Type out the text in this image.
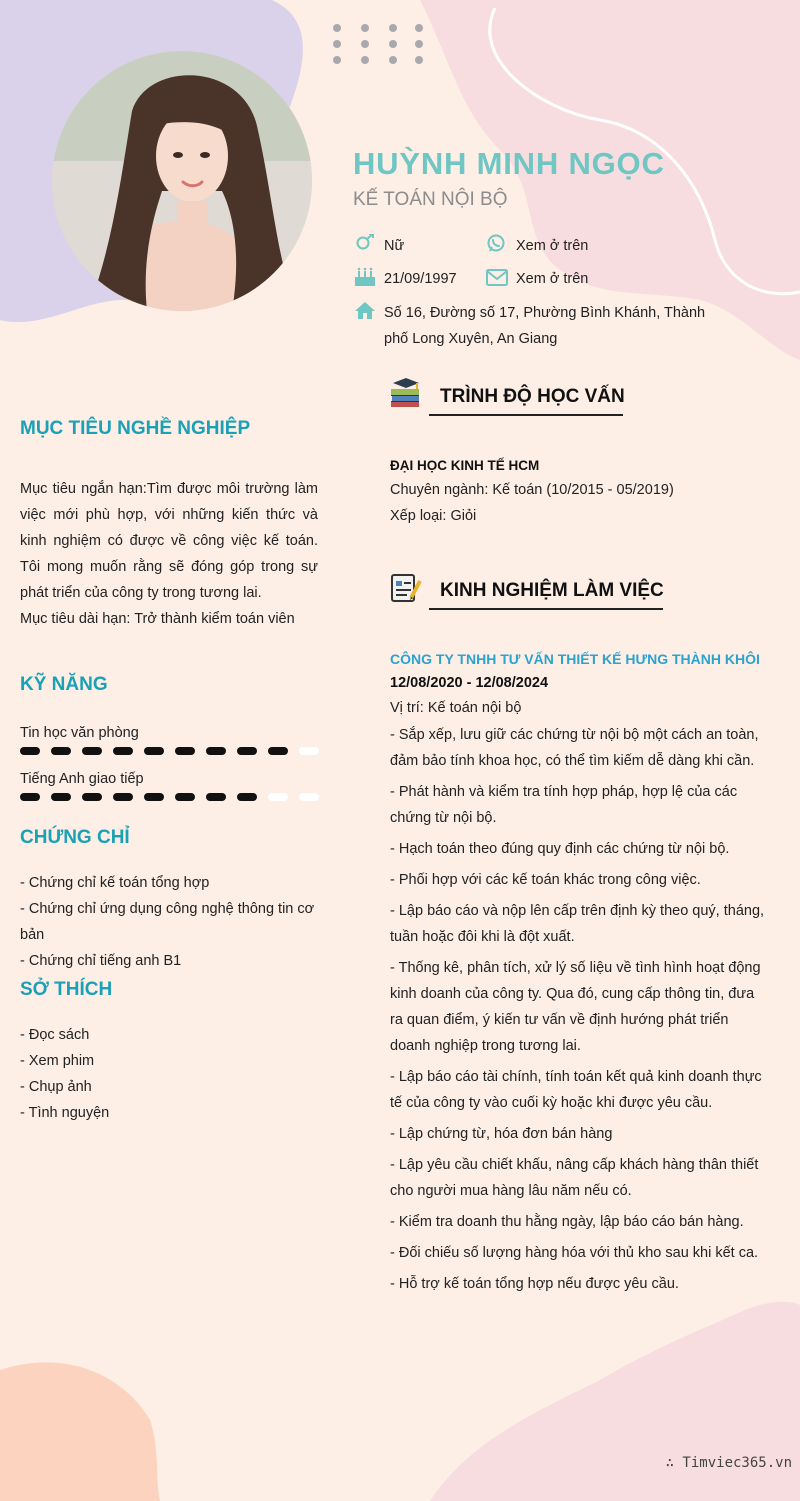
HUỲNH MINH NGỌC
KẾ TOÁN NỘI BỘ
Nữ	Xem ở trên
21/09/1997	Xem ở trên
Số 16, Đường số 17, Phường Bình Khánh, Thành phố Long Xuyên, An Giang
MỤC TIÊU NGHỀ NGHIỆP
Mục tiêu ngắn hạn:Tìm được môi trường làm việc mới phù hợp, với những kiến thức và kinh nghiệm có được về công việc kế toán. Tôi mong muốn rằng sẽ đóng góp trong sự phát triển của công ty trong tương lai.
Mục tiêu dài hạn: Trở thành kiểm toán viên
KỸ NĂNG
Tin học văn phòng
Tiếng Anh giao tiếp
CHỨNG CHỈ
- Chứng chỉ kế toán tổng hợp
- Chứng chỉ ứng dụng công nghệ thông tin cơ bản
- Chứng chỉ tiếng anh B1
SỞ THÍCH
- Đọc sách
- Xem phim
- Chụp ảnh
- Tình nguyện
TRÌNH ĐỘ HỌC VẤN
ĐẠI HỌC KINH TẾ HCM
Chuyên ngành: Kế toán (10/2015 - 05/2019)
Xếp loại: Giỏi
KINH NGHIỆM LÀM VIỆC
CÔNG TY TNHH TƯ VẤN THIẾT KẾ HƯNG THÀNH KHÔI
12/08/2020 - 12/08/2024
Vị trí: Kế toán nội bộ
- Sắp xếp, lưu giữ các chứng từ nội bộ một cách an toàn, đảm bảo tính khoa học, có thể tìm kiếm dễ dàng khi cần.
- Phát hành và kiểm tra tính hợp pháp, hợp lệ của các chứng từ nội bộ.
- Hạch toán theo đúng quy định các chứng từ nội bộ.
- Phối hợp với các kế toán khác trong công việc.
- Lập báo cáo và nộp lên cấp trên định kỳ theo quý, tháng, tuần hoặc đôi khi là đột xuất.
- Thống kê, phân tích, xử lý số liệu về tình hình hoạt động kinh doanh của công ty. Qua đó, cung cấp thông tin, đưa ra quan điểm, ý kiến tư vấn về định hướng phát triển doanh nghiệp trong tương lai.
- Lập báo cáo tài chính, tính toán kết quả kinh doanh thực tế của công ty vào cuối kỳ hoặc khi được yêu cầu.
- Lập chứng từ, hóa đơn bán hàng
- Lập yêu cầu chiết khấu, nâng cấp khách hàng thân thiết cho người mua hàng lâu năm nếu có.
- Kiểm tra doanh thu hằng ngày, lập báo cáo bán hàng.
- Đối chiếu số lượng hàng hóa với thủ kho sau khi kết ca.
- Hỗ trợ kế toán tổng hợp nếu được yêu cầu.
∴ Timviec365.vn
